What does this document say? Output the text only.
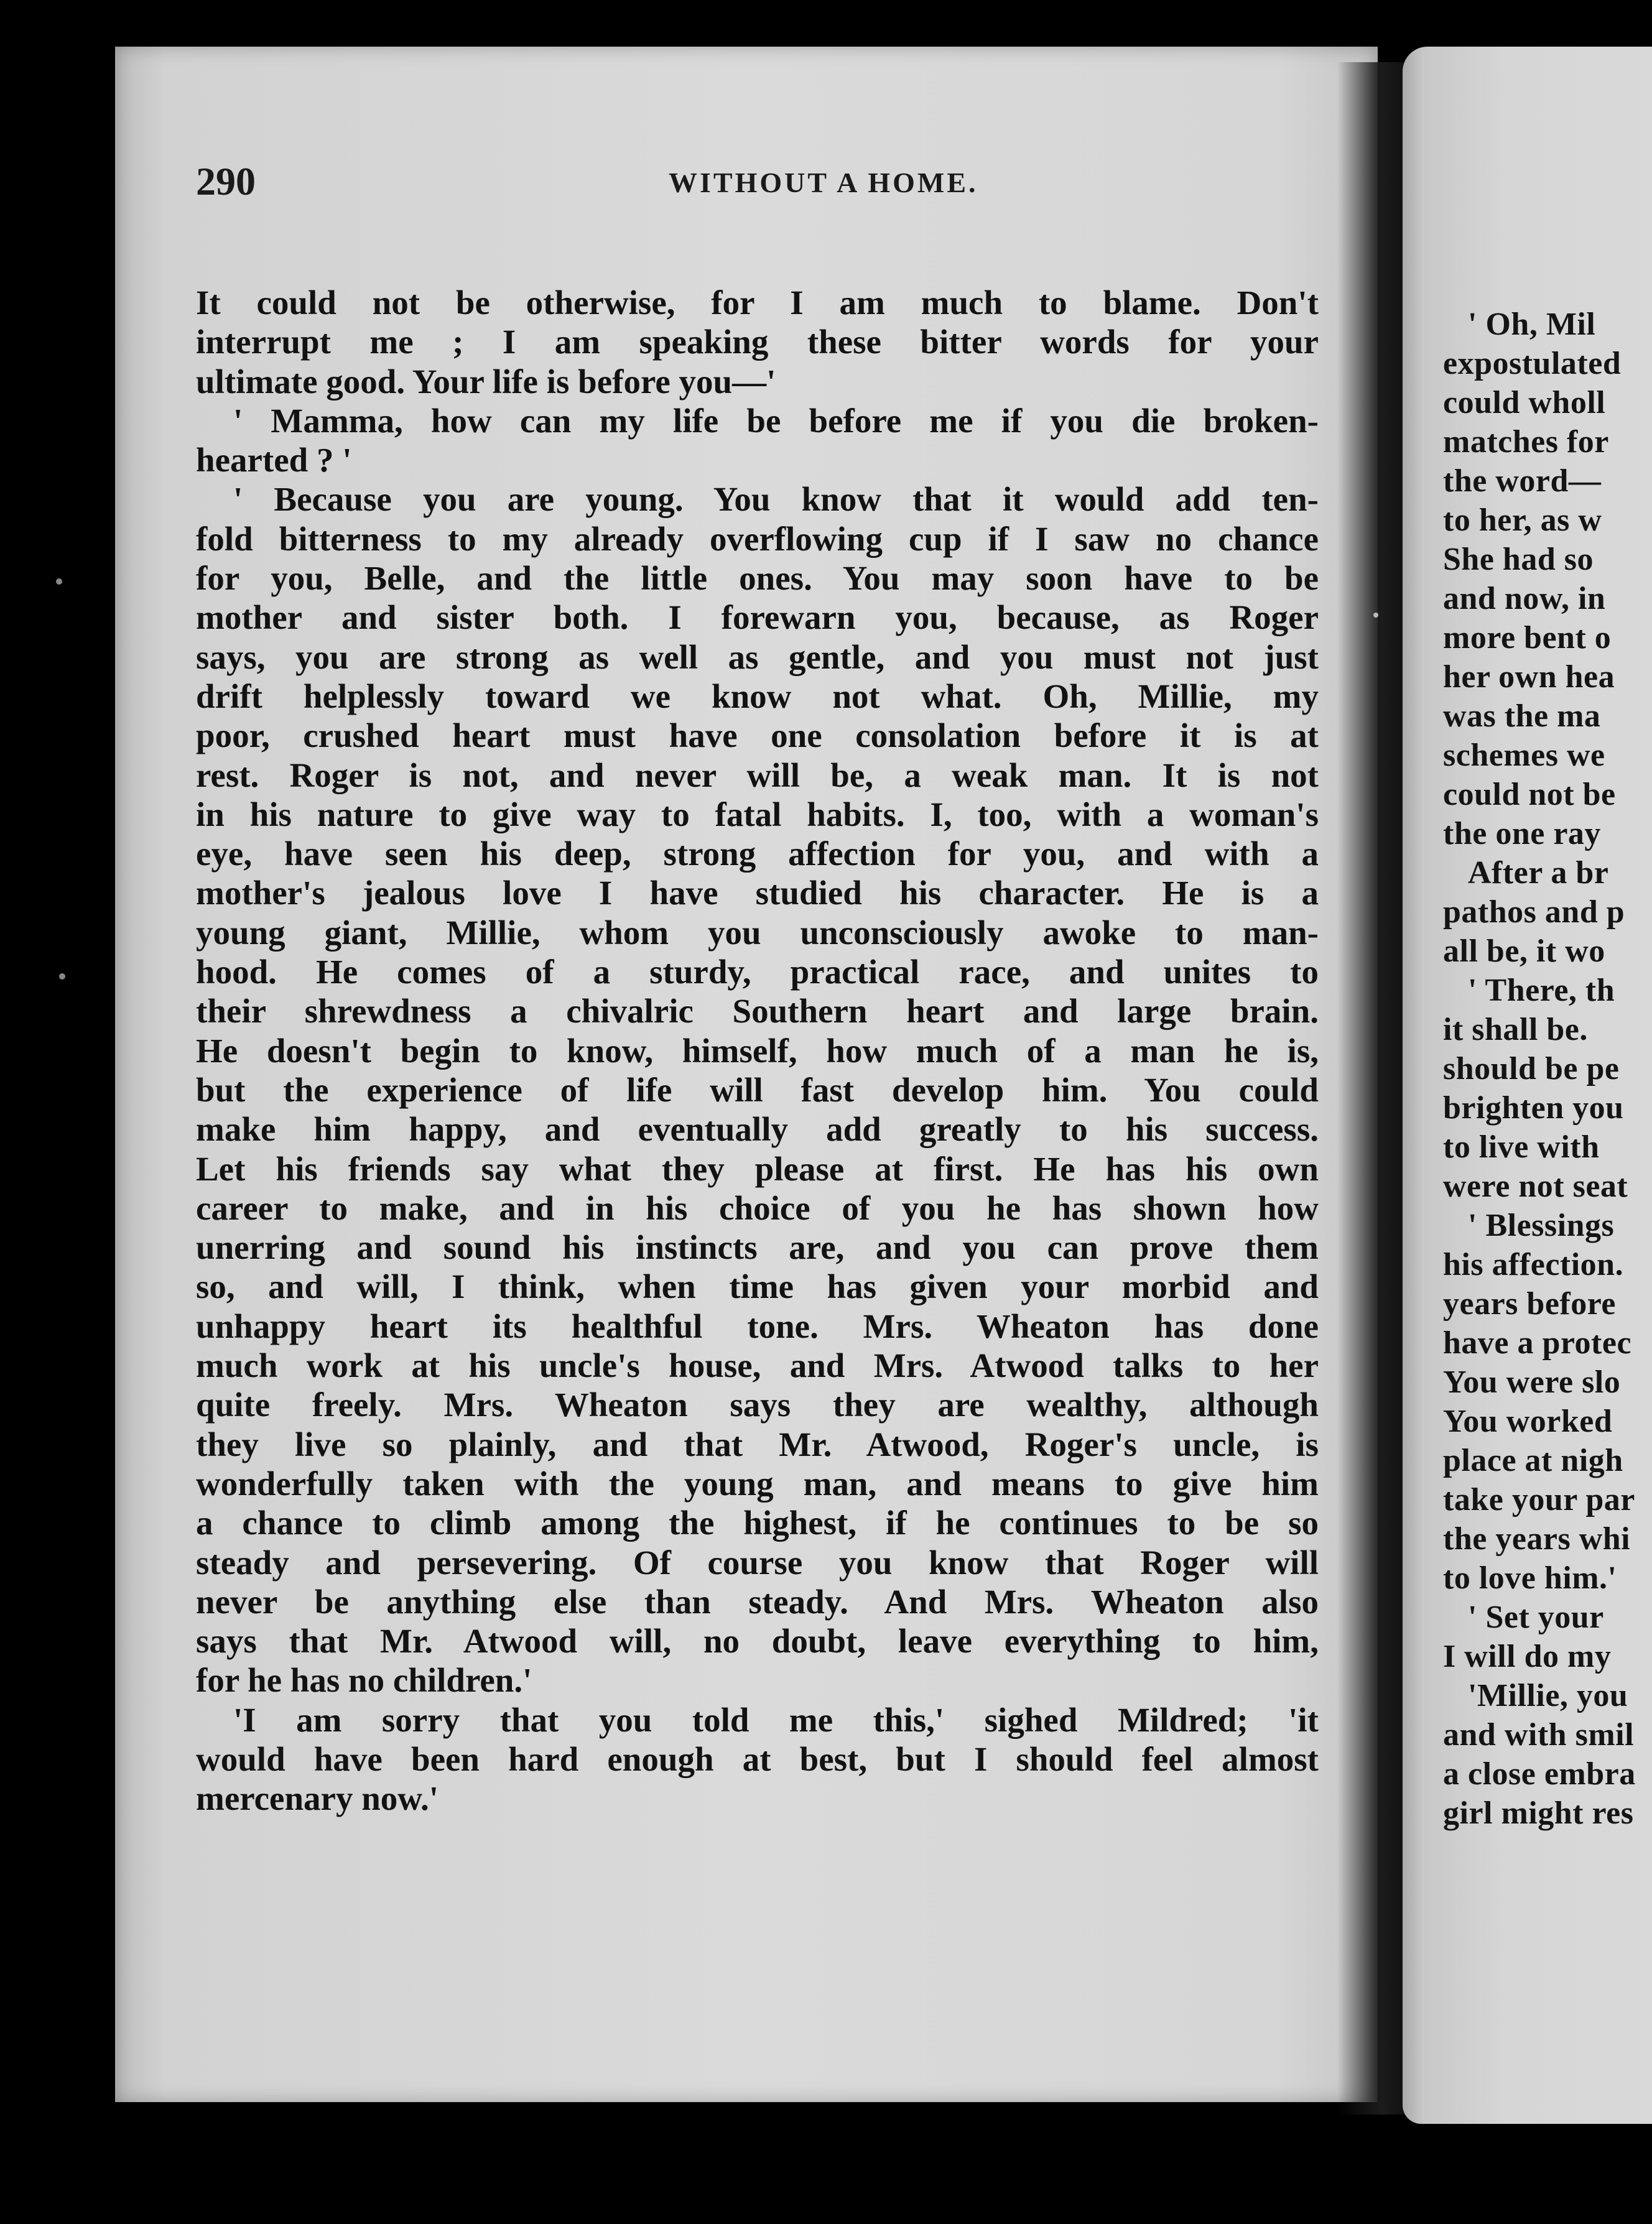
290	WITHOUT A HOME.
It could not be otherwise, for I am much to blame. Don't
interrupt me ; I am speaking these bitter words for your
ultimate good. Your life is before you—'
' Mamma, how can my life be before me if you die broken-
hearted ? '
' Because you are young. You know that it would add ten-
fold bitterness to my already overflowing cup if I saw no chance
for you, Belle, and the little ones. You may soon have to be
mother and sister both. I forewarn you, because, as Roger
says, you are strong as well as gentle, and you must not just
drift helplessly toward we know not what. Oh, Millie, my
poor, crushed heart must have one consolation before it is at
rest. Roger is not, and never will be, a weak man. It is not
in his nature to give way to fatal habits. I, too, with a woman's
eye, have seen his deep, strong affection for you, and with a
mother's jealous love I have studied his character. He is a
young giant, Millie, whom you unconsciously awoke to man-
hood. He comes of a sturdy, practical race, and unites to
their shrewdness a chivalric Southern heart and large brain.
He doesn't begin to know, himself, how much of a man he is,
but the experience of life will fast develop him. You could
make him happy, and eventually add greatly to his success.
Let his friends say what they please at first. He has his own
career to make, and in his choice of you he has shown how
unerring and sound his instincts are, and you can prove them
so, and will, I think, when time has given your morbid and
unhappy heart its healthful tone. Mrs. Wheaton has done
much work at his uncle's house, and Mrs. Atwood talks to her
quite freely. Mrs. Wheaton says they are wealthy, although
they live so plainly, and that Mr. Atwood, Roger's uncle, is
wonderfully taken with the young man, and means to give him
a chance to climb among the highest, if he continues to be so
steady and persevering. Of course you know that Roger will
never be anything else than steady. And Mrs. Wheaton also
says that Mr. Atwood will, no doubt, leave everything to him,
for he has no children.'
'I am sorry that you told me this,' sighed Mildred; 'it
would have been hard enough at best, but I should feel almost
mercenary now.'
' Oh, Mil
expostulated
could wholl
matches for
the word—
to her, as w
She had so
and now, in
more bent o
her own hea
was the ma
schemes we
could not be
the one ray
After a br
pathos and p
all be, it wo
' There, th
it shall be.
should be pe
brighten you
to live with
were not seat
' Blessings
his affection.
years before
have a protec
You were slo
You worked
place at nigh
take your par
the years whi
to love him.'
' Set your
I will do my
'Millie, you
and with smil
a close embra
girl might res
